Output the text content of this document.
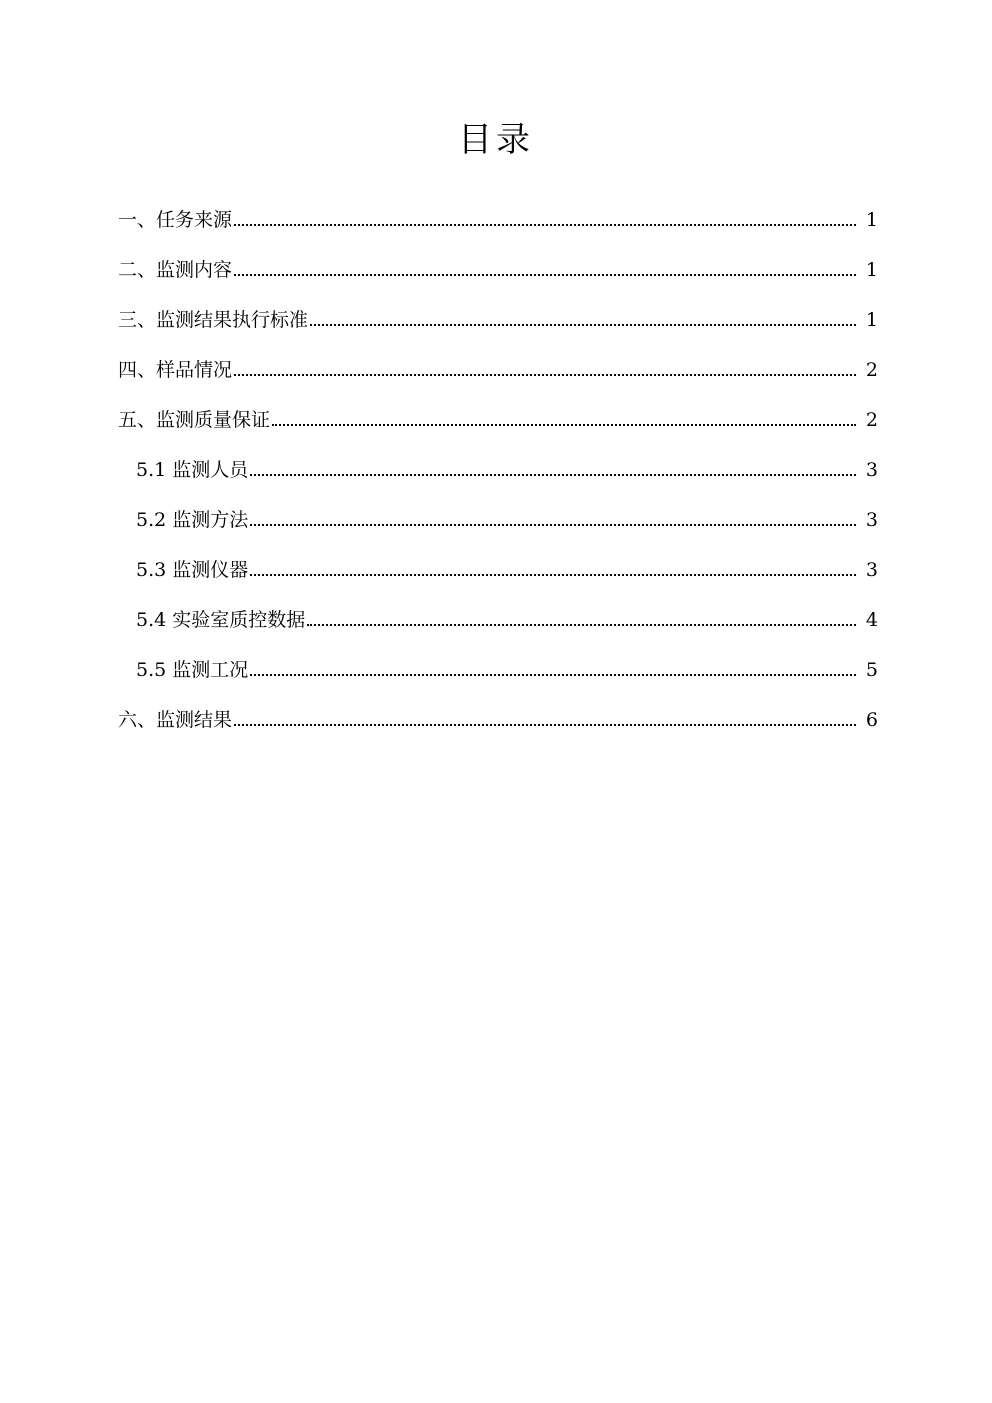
目录
一、任务来源	1
二、监测内容	1
三、监测结果执行标准	1
四、样品情况	2
五、监测质量保证	2
5.1 监测人员	3
5.2 监测方法	3
5.3 监测仪器	3
5.4 实验室质控数据	4
5.5 监测工况	5
六、监测结果	6
